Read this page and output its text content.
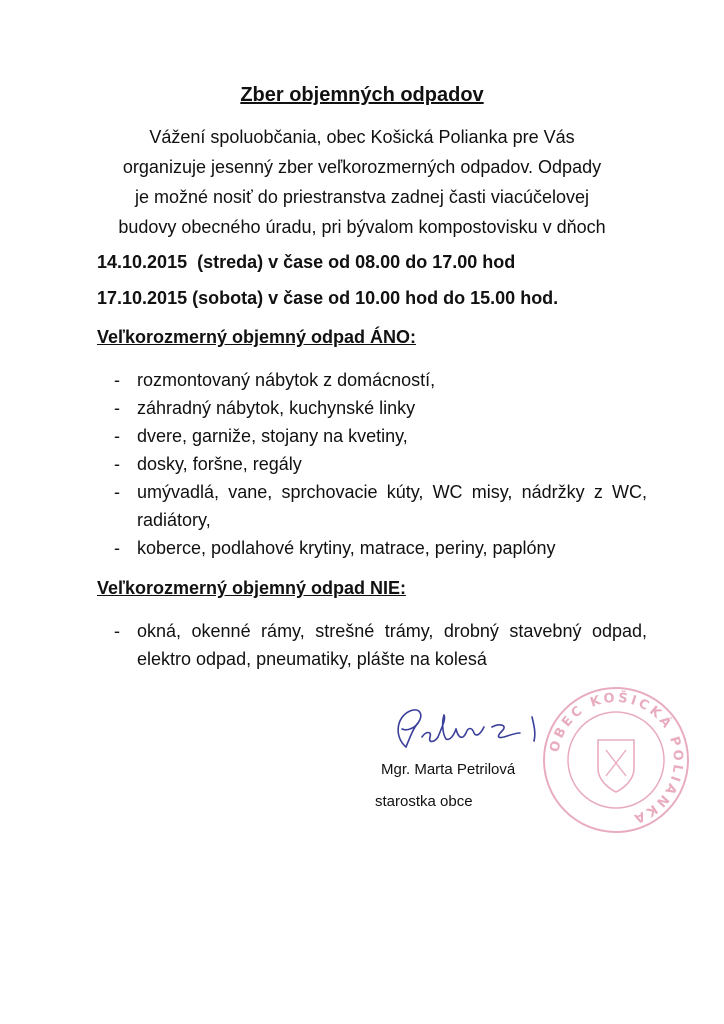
Zber objemných odpadov
Vážení spoluobčania, obec Košická Polianka pre Vás
organizuje jesenný zber veľkorozmerných odpadov. Odpady
je možné nosiť do priestranstva zadnej časti viacúčelovej
budovy obecného úradu, pri bývalom kompostovisku v dňoch
14.10.2015  (streda) v čase od 08.00 do 17.00 hod
17.10.2015 (sobota) v čase od 10.00 hod do 15.00 hod.
Veľkorozmerný objemný odpad ÁNO:
- rozmontovaný nábytok z domácností,
- záhradný nábytok, kuchynské linky
- dvere, garniže, stojany na kvetiny,
- dosky, foršne, regály
- umývadlá, vane, sprchovacie kúty, WC misy, nádržky z WC, radiátory,
- koberce, podlahové krytiny, matrace, periny, paplóny
Veľkorozmerný objemný odpad NIE:
- okná, okenné rámy, strešné trámy, drobný stavebný odpad, elektro odpad, pneumatiky, plášte na kolesá
OBEC KOŠICKÁ POLIANKA
Mgr. Marta Petrilová
starostka obce
